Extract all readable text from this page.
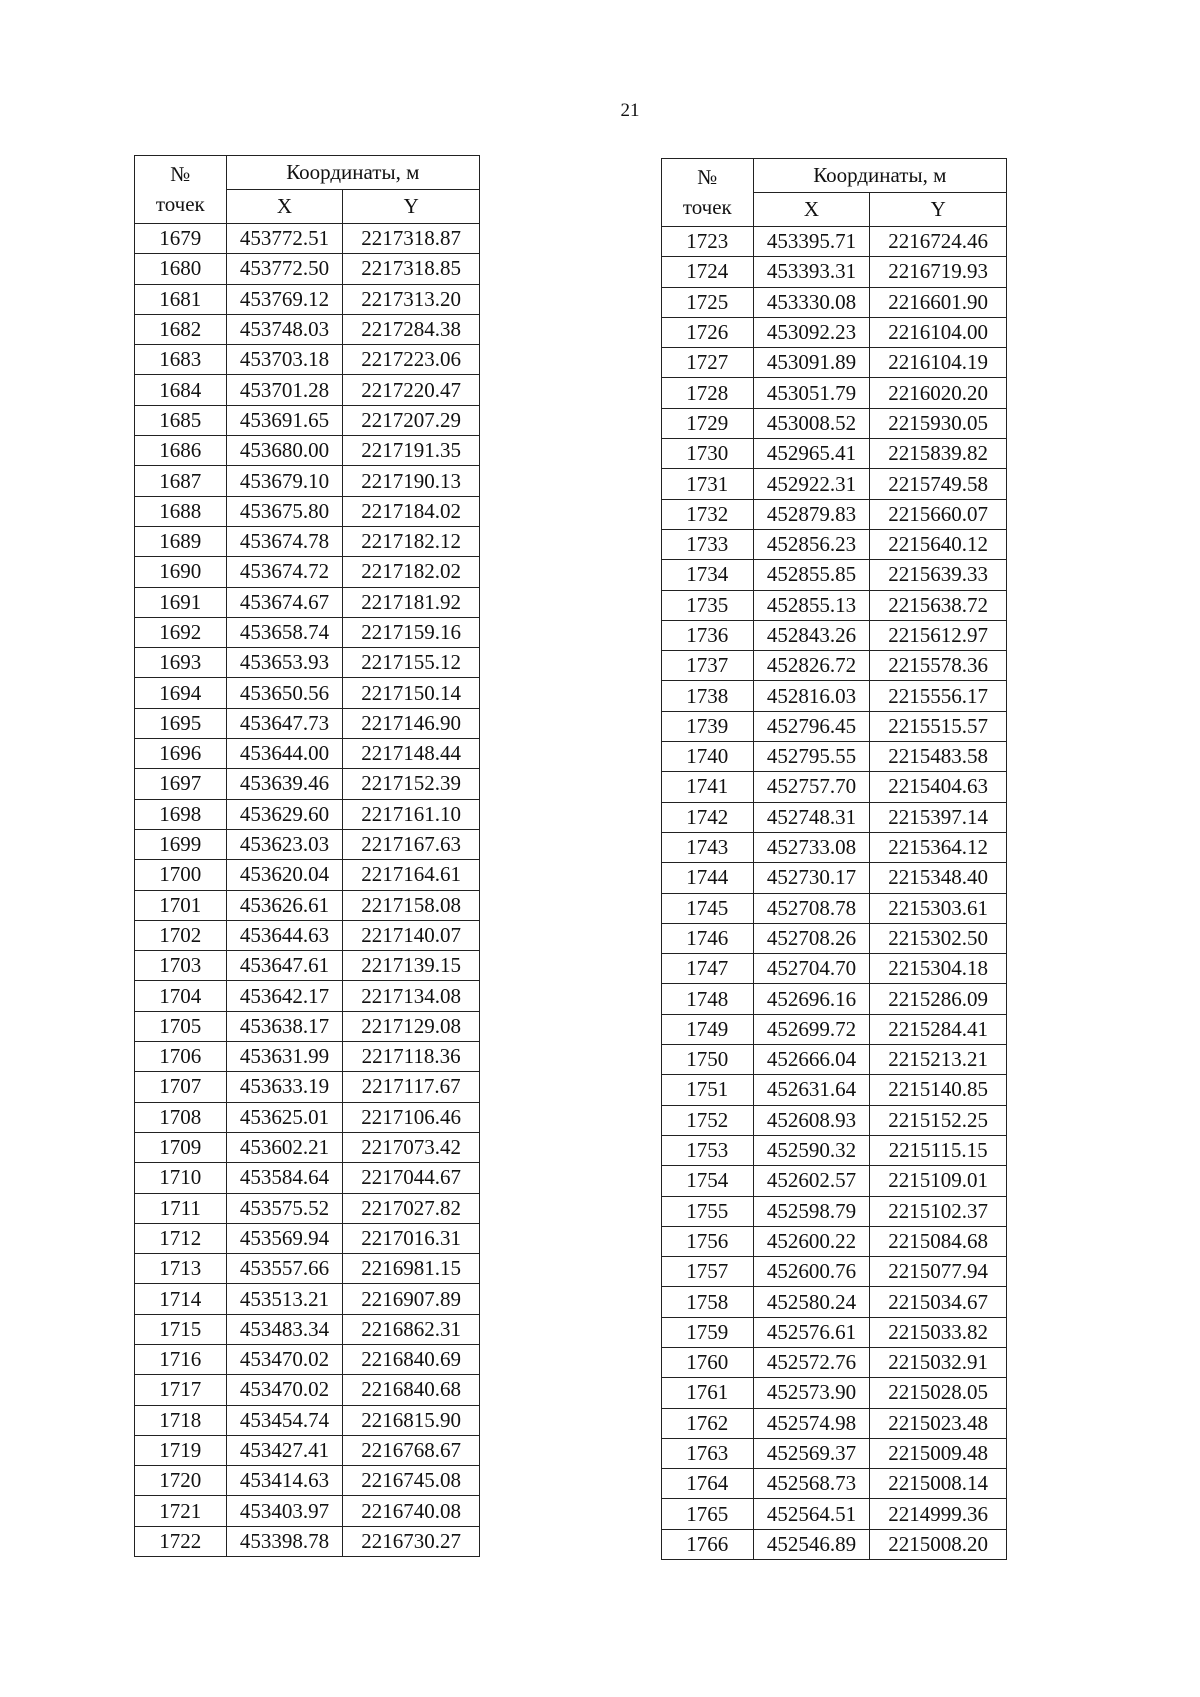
21
№
точек	Координаты, м	
	X	Y
1679	453772.51	2217318.87
1680	453772.50	2217318.85
1681	453769.12	2217313.20
1682	453748.03	2217284.38
1683	453703.18	2217223.06
1684	453701.28	2217220.47
1685	453691.65	2217207.29
1686	453680.00	2217191.35
1687	453679.10	2217190.13
1688	453675.80	2217184.02
1689	453674.78	2217182.12
1690	453674.72	2217182.02
1691	453674.67	2217181.92
1692	453658.74	2217159.16
1693	453653.93	2217155.12
1694	453650.56	2217150.14
1695	453647.73	2217146.90
1696	453644.00	2217148.44
1697	453639.46	2217152.39
1698	453629.60	2217161.10
1699	453623.03	2217167.63
1700	453620.04	2217164.61
1701	453626.61	2217158.08
1702	453644.63	2217140.07
1703	453647.61	2217139.15
1704	453642.17	2217134.08
1705	453638.17	2217129.08
1706	453631.99	2217118.36
1707	453633.19	2217117.67
1708	453625.01	2217106.46
1709	453602.21	2217073.42
1710	453584.64	2217044.67
1711	453575.52	2217027.82
1712	453569.94	2217016.31
1713	453557.66	2216981.15
1714	453513.21	2216907.89
1715	453483.34	2216862.31
1716	453470.02	2216840.69
1717	453470.02	2216840.68
1718	453454.74	2216815.90
1719	453427.41	2216768.67
1720	453414.63	2216745.08
1721	453403.97	2216740.08
1722	453398.78	2216730.27
№
точек	Координаты, м	
	X	Y
1723	453395.71	2216724.46
1724	453393.31	2216719.93
1725	453330.08	2216601.90
1726	453092.23	2216104.00
1727	453091.89	2216104.19
1728	453051.79	2216020.20
1729	453008.52	2215930.05
1730	452965.41	2215839.82
1731	452922.31	2215749.58
1732	452879.83	2215660.07
1733	452856.23	2215640.12
1734	452855.85	2215639.33
1735	452855.13	2215638.72
1736	452843.26	2215612.97
1737	452826.72	2215578.36
1738	452816.03	2215556.17
1739	452796.45	2215515.57
1740	452795.55	2215483.58
1741	452757.70	2215404.63
1742	452748.31	2215397.14
1743	452733.08	2215364.12
1744	452730.17	2215348.40
1745	452708.78	2215303.61
1746	452708.26	2215302.50
1747	452704.70	2215304.18
1748	452696.16	2215286.09
1749	452699.72	2215284.41
1750	452666.04	2215213.21
1751	452631.64	2215140.85
1752	452608.93	2215152.25
1753	452590.32	2215115.15
1754	452602.57	2215109.01
1755	452598.79	2215102.37
1756	452600.22	2215084.68
1757	452600.76	2215077.94
1758	452580.24	2215034.67
1759	452576.61	2215033.82
1760	452572.76	2215032.91
1761	452573.90	2215028.05
1762	452574.98	2215023.48
1763	452569.37	2215009.48
1764	452568.73	2215008.14
1765	452564.51	2214999.36
1766	452546.89	2215008.20
